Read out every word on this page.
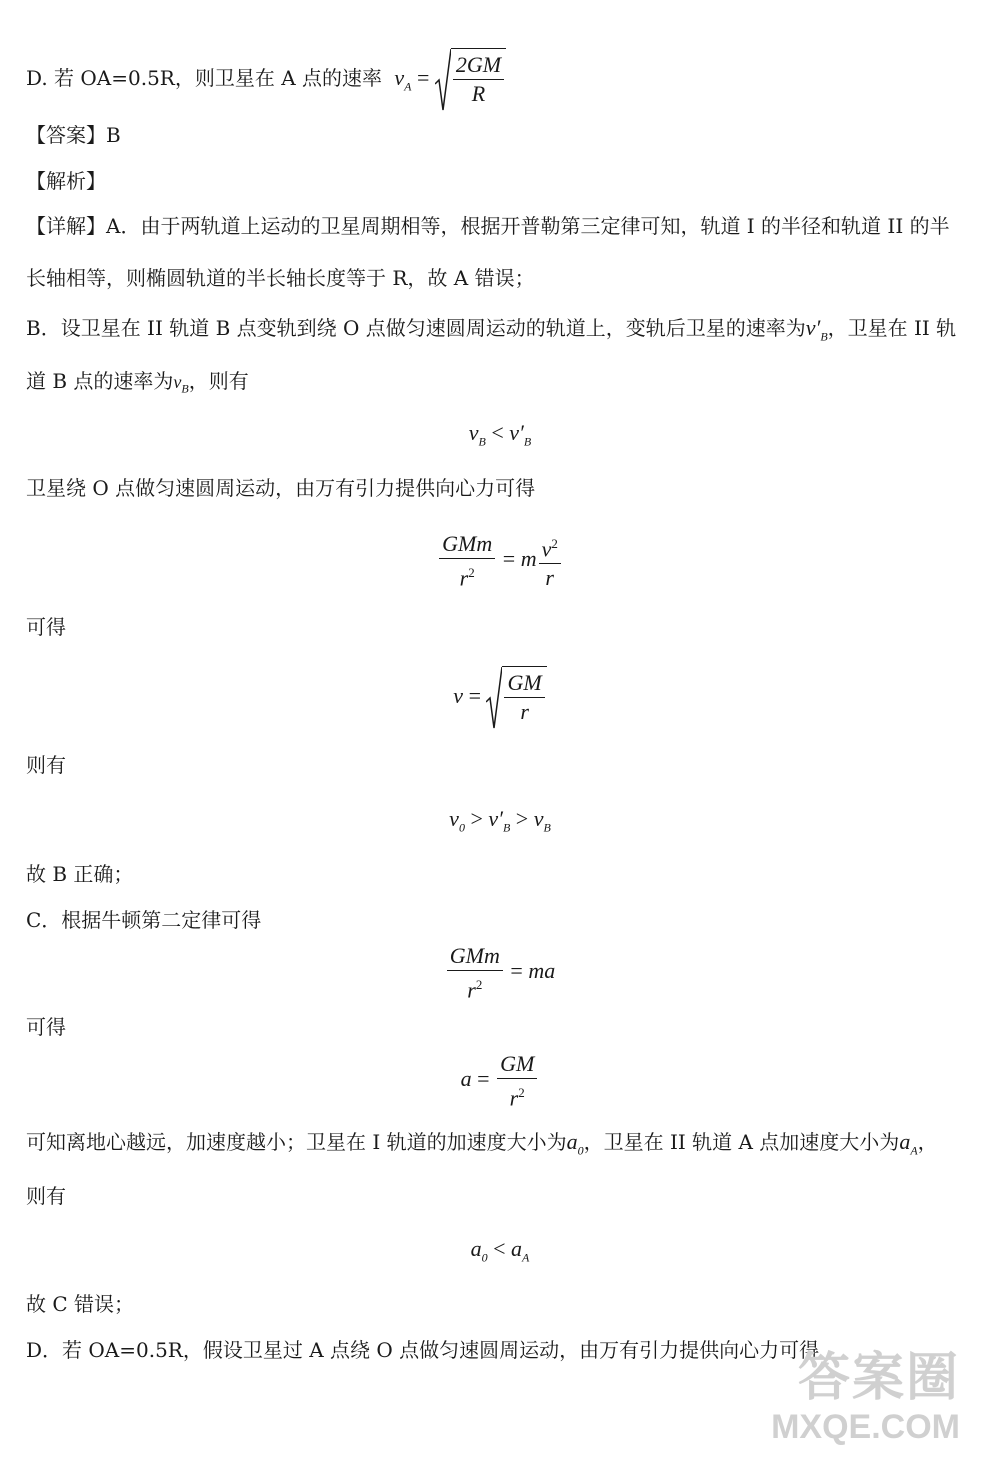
D. 若 OA=0.5R，则卫星在 A 点的速率 $v_A = \frac{2GM}{R}$
【答案】B
【解析】
【详解】A．由于两轨道上运动的卫星周期相等，根据开普勒第三定律可知，轨道 I 的半径和轨道 II 的半
长轴相等，则椭圆轨道的半长轴长度等于 R，故 A 错误；
B．设卫星在 II 轨道 B 点变轨到绕 O 点做匀速圆周运动的轨道上，变轨后卫星的速率为$v'_B$，卫星在 II 轨
道 B 点的速率为$v_B$，则有
$v_B < v'_B$
卫星绕 O 点做匀速圆周运动，由万有引力提供向心力可得
$\frac{\text{GMm}}{r^2} = m \frac{v^2}{r}$
可得
$v = \frac{GM}{r}$
则有
$v_0 > v'_B > v_B$
故 B 正确；
C．根据牛顿第二定律可得
$\frac{\text{GMm}}{r^2}$ = ma
可得
$a = \frac{GM}{r^2}$
可知离地心越远，加速度越小；卫星在 I 轨道的加速度大小为$a_0$，卫星在 II 轨道 A 点加速度大小为$a_A$，
则有
$a_0 < a_A$
故 C 错误；
D．若 OA=0.5R，假设卫星过 A 点绕 O 点做匀速圆周运动，由万有引力提供向心力可得
答案圈
MXQE.COM
